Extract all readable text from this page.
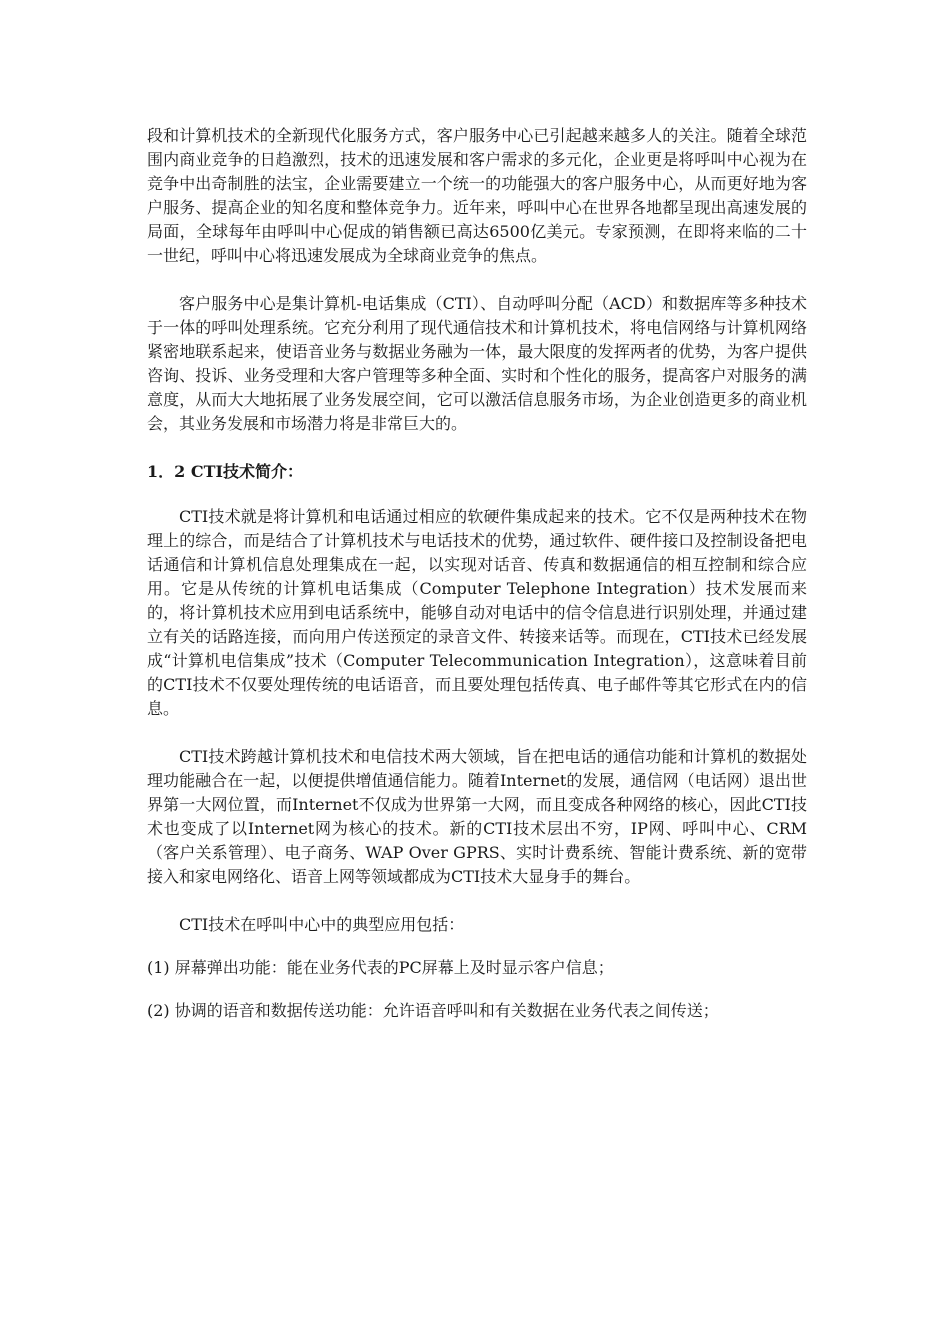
段和计算机技术的全新现代化服务方式，客户服务中心已引起越来越多人的关注。随着全球范围内商业竞争的日趋激烈，技术的迅速发展和客户需求的多元化，企业更是将呼叫中心视为在竞争中出奇制胜的法宝，企业需要建立一个统一的功能强大的客户服务中心，从而更好地为客户服务、提高企业的知名度和整体竞争力。近年来，呼叫中心在世界各地都呈现出高速发展的局面，全球每年由呼叫中心促成的销售额已高达6500亿美元。专家预测，在即将来临的二十一世纪，呼叫中心将迅速发展成为全球商业竞争的焦点。

客户服务中心是集计算机-电话集成（CTI）、自动呼叫分配（ACD）和数据库等多种技术于一体的呼叫处理系统。它充分利用了现代通信技术和计算机技术，将电信网络与计算机网络紧密地联系起来，使语音业务与数据业务融为一体，最大限度的发挥两者的优势，为客户提供咨询、投诉、业务受理和大客户管理等多种全面、实时和个性化的服务，提高客户对服务的满意度，从而大大地拓展了业务发展空间，它可以激活信息服务市场，为企业创造更多的商业机会，其业务发展和市场潜力将是非常巨大的。

1．2 CTI技术简介：

CTI技术就是将计算机和电话通过相应的软硬件集成起来的技术。它不仅是两种技术在物理上的综合，而是结合了计算机技术与电话技术的优势，通过软件、硬件接口及控制设备把电话通信和计算机信息处理集成在一起，以实现对话音、传真和数据通信的相互控制和综合应用。它是从传统的计算机电话集成（Computer Telephone Integration）技术发展而来的，将计算机技术应用到电话系统中，能够自动对电话中的信令信息进行识别处理，并通过建立有关的话路连接，而向用户传送预定的录音文件、转接来话等。而现在，CTI技术已经发展成“计算机电信集成”技术（Computer Telecommunication Integration），这意味着目前的CTI技术不仅要处理传统的电话语音，而且要处理包括传真、电子邮件等其它形式在内的信息。

CTI技术跨越计算机技术和电信技术两大领域，旨在把电话的通信功能和计算机的数据处理功能融合在一起，以便提供增值通信能力。随着Internet的发展，通信网（电话网）退出世界第一大网位置，而Internet不仅成为世界第一大网，而且变成各种网络的核心，因此CTI技术也变成了以Internet网为核心的技术。新的CTI技术层出不穷，IP网、呼叫中心、CRM（客户关系管理）、电子商务、WAP Over GPRS、实时计费系统、智能计费系统、新的宽带接入和家电网络化、语音上网等领域都成为CTI技术大显身手的舞台。

CTI技术在呼叫中心中的典型应用包括：

(1) 屏幕弹出功能：能在业务代表的PC屏幕上及时显示客户信息；

(2) 协调的语音和数据传送功能：允许语音呼叫和有关数据在业务代表之间传送；
